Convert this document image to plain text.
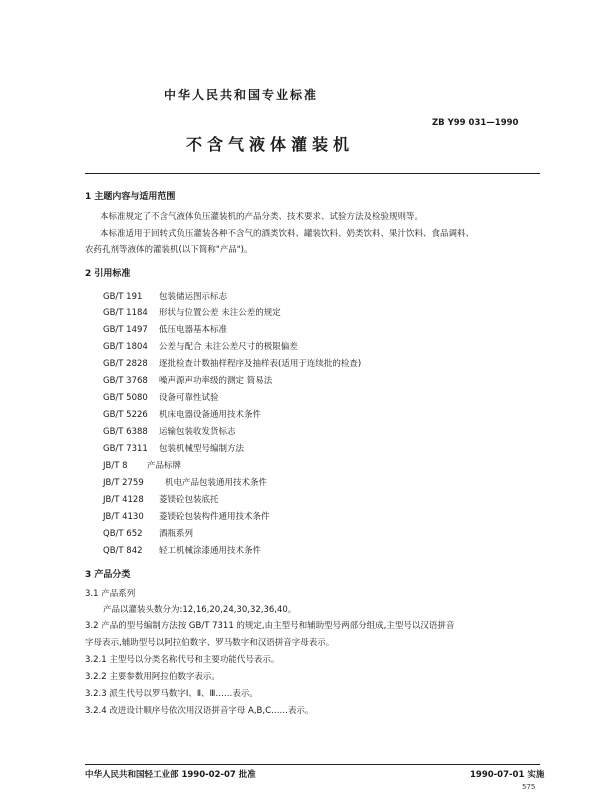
中华人民共和国专业标准
ZB Y99 031—1990
不含气液体灌装机
1 主题内容与适用范围
本标准规定了不含气液体负压灌装机的产品分类、技术要求、试验方法及检验规则等。
本标准适用于回转式负压灌装各种不含气的酒类饮料、罐装饮料、奶类饮料、果汁饮料、食品调料、
农药孔剂等液体的灌装机(以下简称"产品")。
2 引用标准
GB/T 191 包装储运图示标志
GB/T 1184 形状与位置公差 未注公差的规定
GB/T 1497 低压电器基本标准
GB/T 1804 公差与配合 未注公差尺寸的极限偏差
GB/T 2828 逐批检查计数抽样程序及抽样表(适用于连续批的检查)
GB/T 3768 噪声源声功率级的测定 简易法
GB/T 5080 设备可靠性试验
GB/T 5226 机床电器设备通用技术条件
GB/T 6388 运输包装收发货标志
GB/T 7311 包装机械型号编制方法
JB/T 8 产品标牌
JB/T 2759	机电产品包装通用技术条件
JB/T 4128 菱镁砼包装底托
JB/T 4130 菱镁砼包装构件通用技术条件
QB/T 652 酒瓶系列
QB/T 842 轻工机械涂漆通用技术条件
3 产品分类
3.1 产品系列
产品以灌装头数分为:12,16,20,24,30,32,36,40。
3.2 产品的型号编制方法按 GB/T 7311 的规定,由主型号和辅助型号两部分组成,主型号以汉语拼音
字母表示,辅助型号以阿拉伯数字、罗马数字和汉语拼音字母表示。
3.2.1 主型号以分类名称代号和主要功能代号表示。
3.2.2 主要参数用阿拉伯数字表示。
3.2.3 派生代号以罗马数字Ⅰ、Ⅱ、Ⅲ……表示。
3.2.4 改进设计顺序号依次用汉语拼音字母 A,B,C……表示。
中华人民共和国轻工业部 1990-02-07 批准	1990-07-01 实施
575
